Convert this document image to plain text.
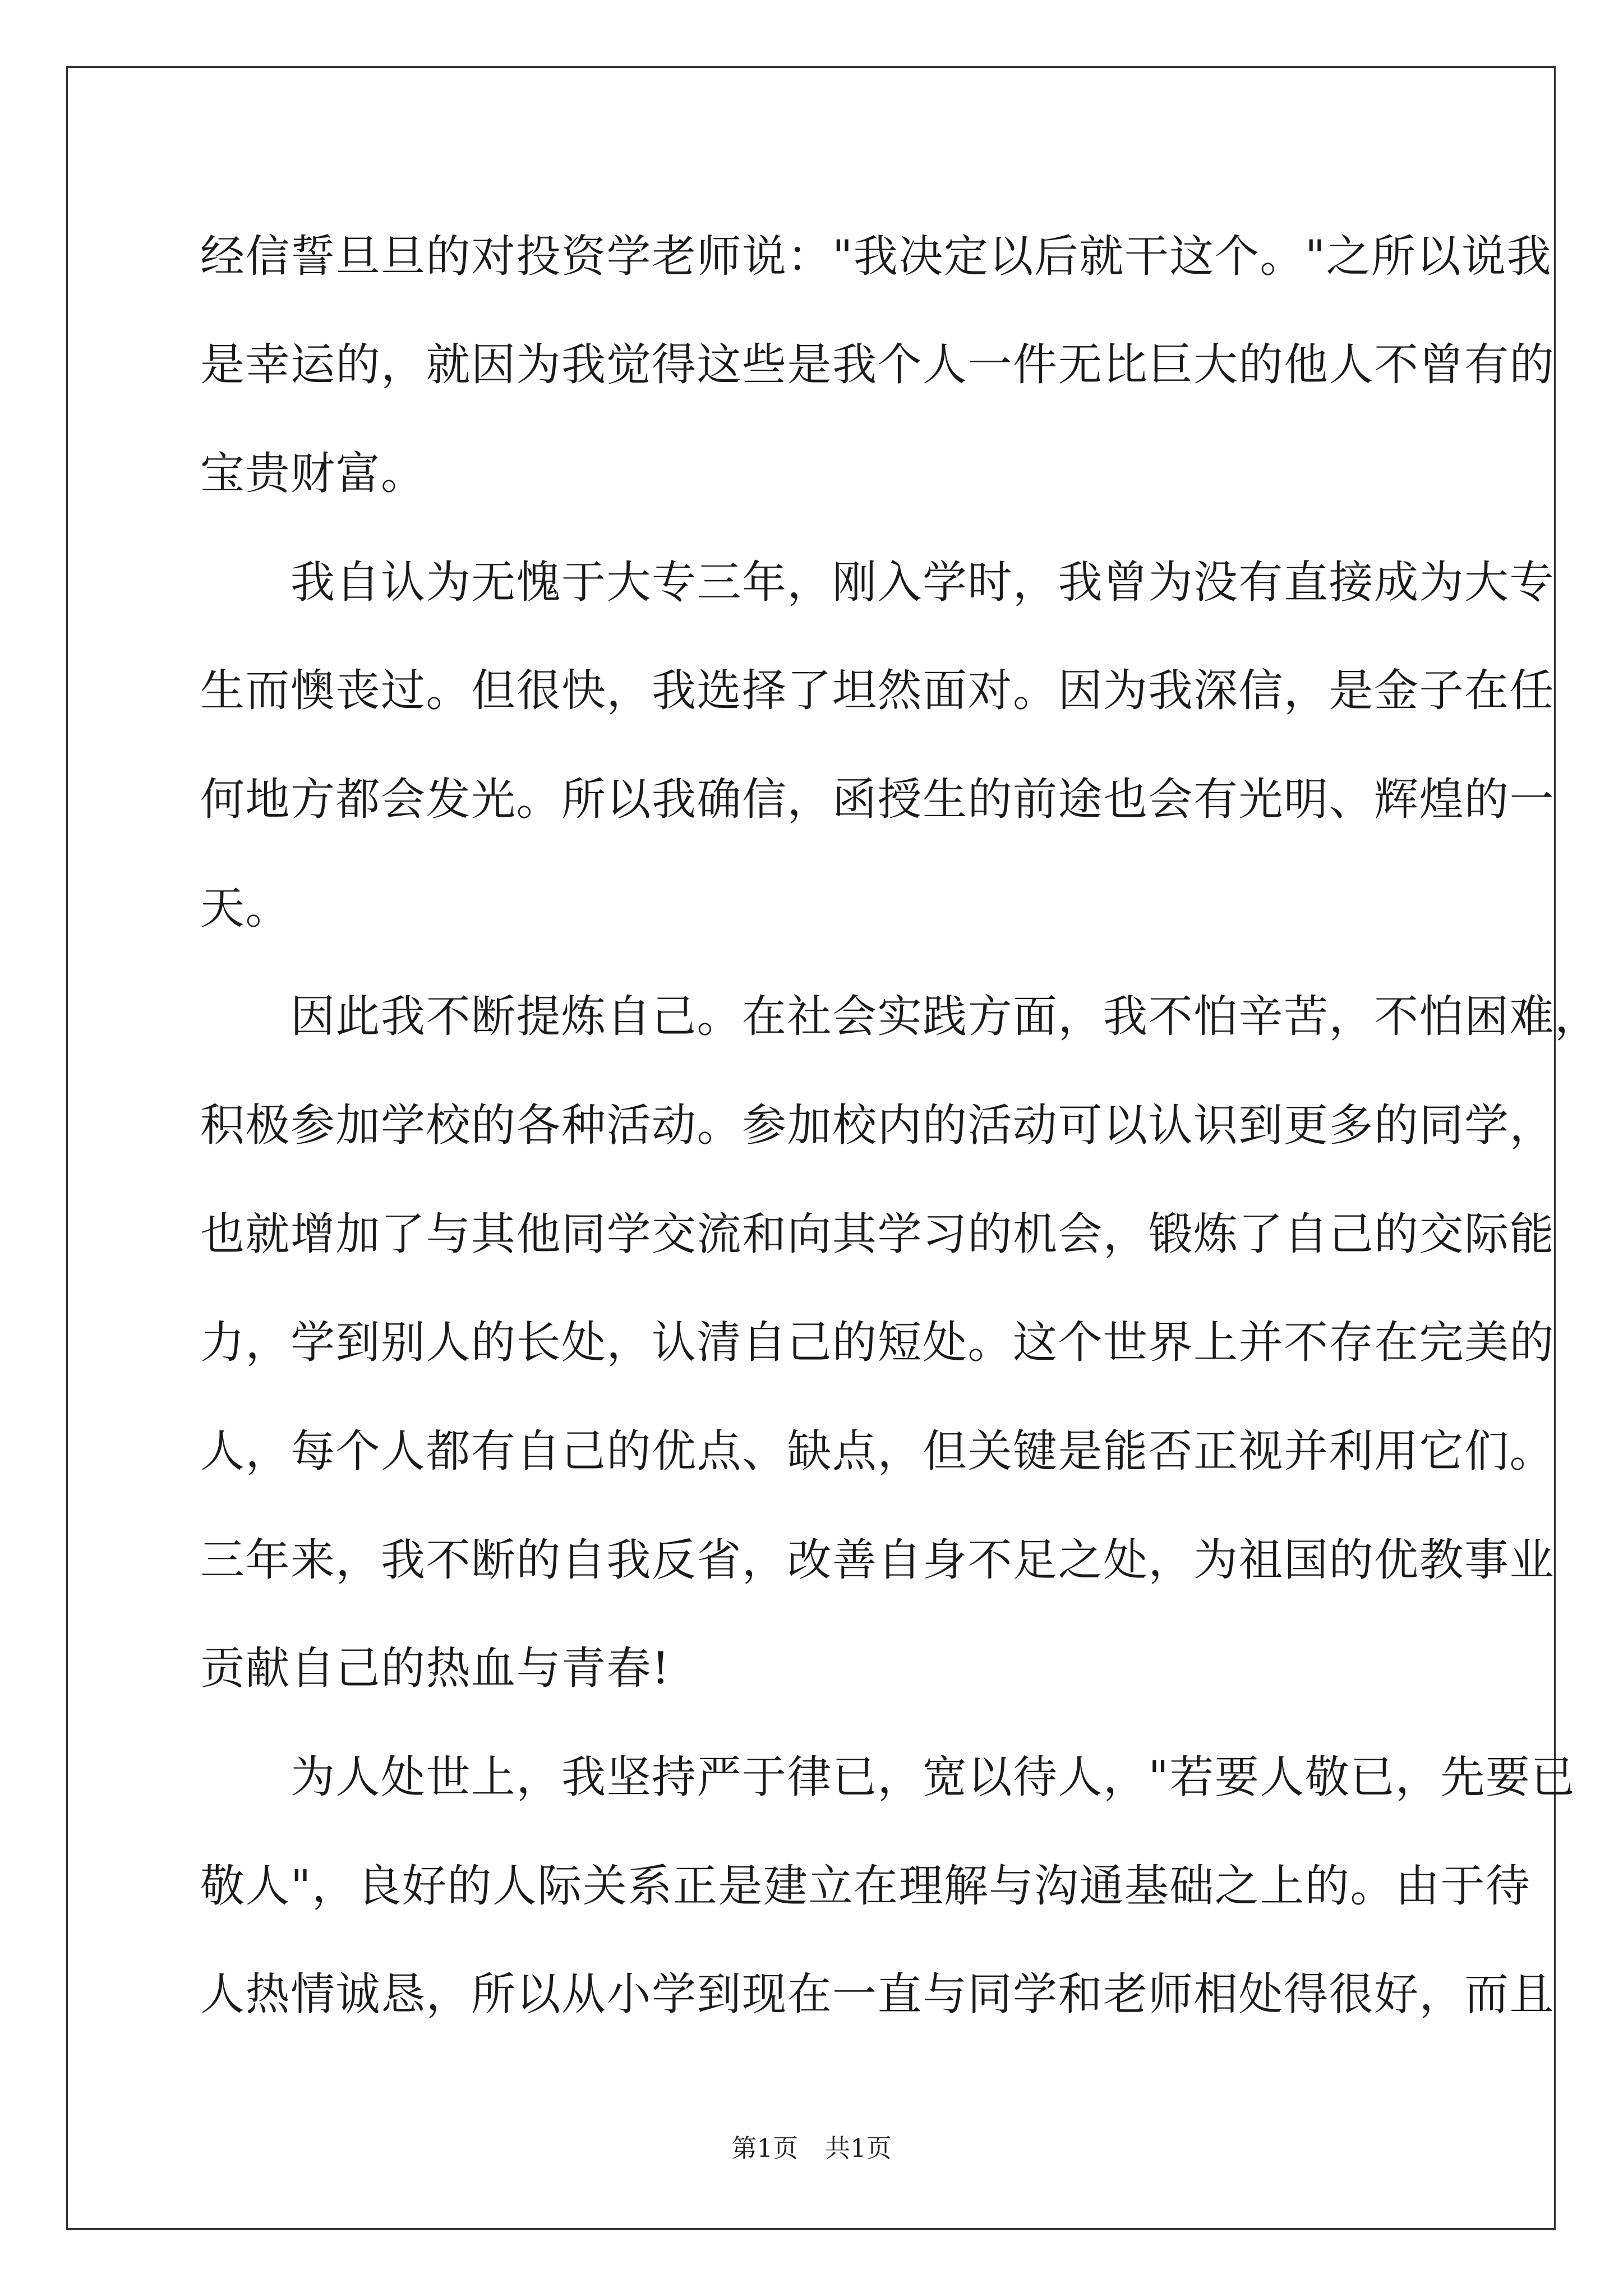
经信誓旦旦的对投资学老师说："我决定以后就干这个。"之所以说我
是幸运的，就因为我觉得这些是我个人一件无比巨大的他人不曾有的
宝贵财富。
　　我自认为无愧于大专三年，刚入学时，我曾为没有直接成为大专
生而懊丧过。但很快，我选择了坦然面对。因为我深信，是金子在任
何地方都会发光。所以我确信，函授生的前途也会有光明、辉煌的一
天。
　　因此我不断提炼自己。在社会实践方面，我不怕辛苦，不怕困难，
积极参加学校的各种活动。参加校内的活动可以认识到更多的同学，
也就增加了与其他同学交流和向其学习的机会，锻炼了自己的交际能
力，学到别人的长处，认清自己的短处。这个世界上并不存在完美的
人，每个人都有自己的优点、缺点，但关键是能否正视并利用它们。
三年来，我不断的自我反省，改善自身不足之处，为祖国的优教事业
贡献自己的热血与青春!
　　为人处世上，我坚持严于律已，宽以待人，"若要人敬已，先要已
敬人"，良好的人际关系正是建立在理解与沟通基础之上的。由于待
人热情诚恳，所以从小学到现在一直与同学和老师相处得很好，而且
第1页 共1页
